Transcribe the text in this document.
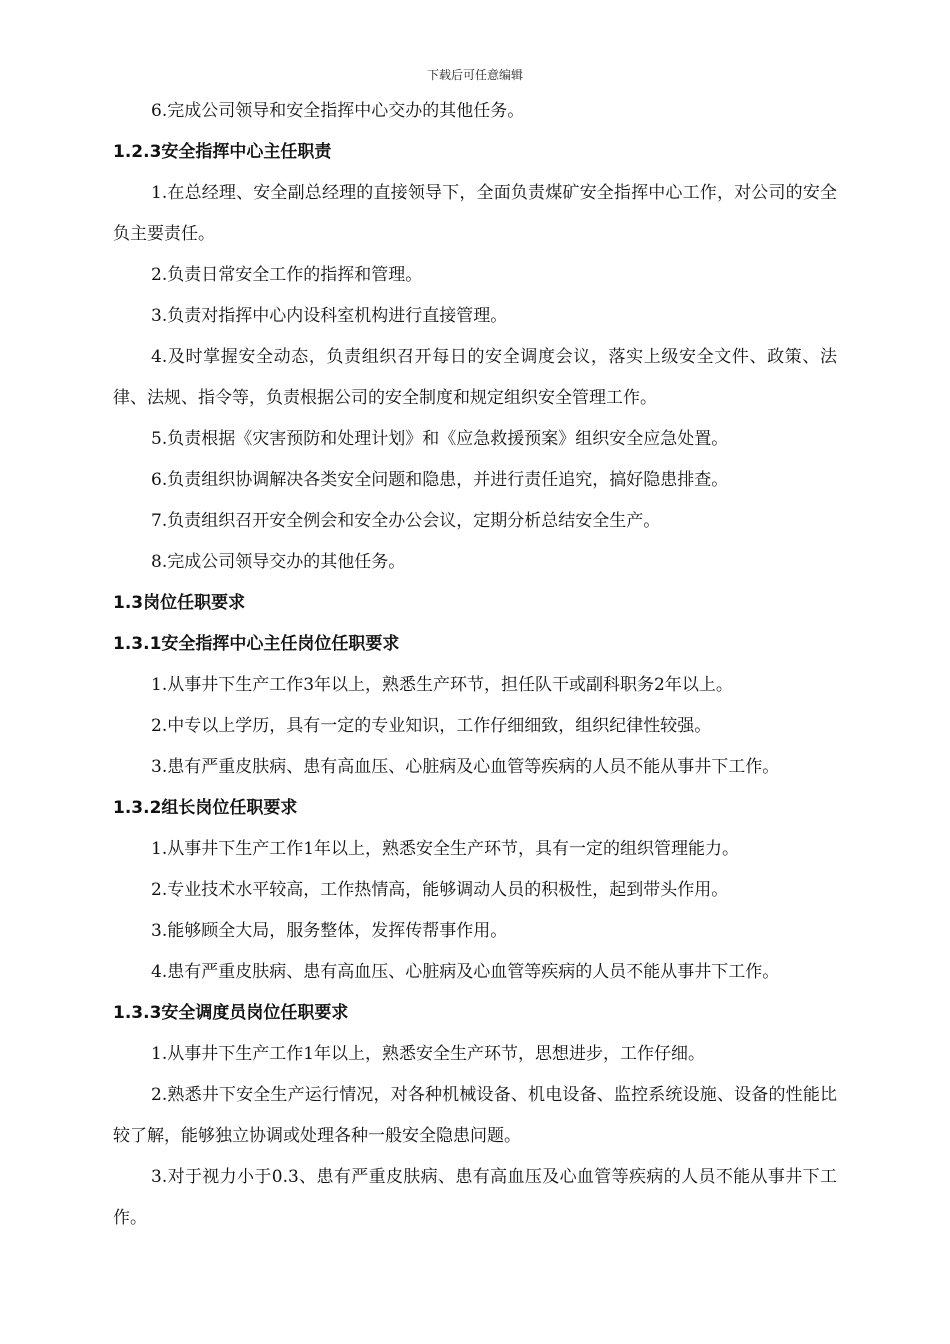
下载后可任意编辑

6.完成公司领导和安全指挥中心交办的其他任务。

1.2.3安全指挥中心主任职责

1.在总经理、安全副总经理的直接领导下，全面负责煤矿安全指挥中心工作，对公司的安全负主要责任。

2.负责日常安全工作的指挥和管理。

3.负责对指挥中心内设科室机构进行直接管理。

4.及时掌握安全动态，负责组织召开每日的安全调度会议，落实上级安全文件、政策、法律、法规、指令等，负责根据公司的安全制度和规定组织安全管理工作。

5.负责根据《灾害预防和处理计划》和《应急救援预案》组织安全应急处置。

6.负责组织协调解决各类安全问题和隐患，并进行责任追究，搞好隐患排查。

7.负责组织召开安全例会和安全办公会议，定期分析总结安全生产。

8.完成公司领导交办的其他任务。

1.3岗位任职要求

1.3.1安全指挥中心主任岗位任职要求

1.从事井下生产工作3年以上，熟悉生产环节，担任队干或副科职务2年以上。

2.中专以上学历，具有一定的专业知识，工作仔细细致，组织纪律性较强。

3.患有严重皮肤病、患有高血压、心脏病及心血管等疾病的人员不能从事井下工作。

1.3.2组长岗位任职要求

1.从事井下生产工作1年以上，熟悉安全生产环节，具有一定的组织管理能力。

2.专业技术水平较高，工作热情高，能够调动人员的积极性，起到带头作用。

3.能够顾全大局，服务整体，发挥传帮事作用。

4.患有严重皮肤病、患有高血压、心脏病及心血管等疾病的人员不能从事井下工作。

1.3.3安全调度员岗位任职要求

1.从事井下生产工作1年以上，熟悉安全生产环节，思想进步，工作仔细。

2.熟悉井下安全生产运行情况，对各种机械设备、机电设备、监控系统设施、设备的性能比较了解，能够独立协调或处理各种一般安全隐患问题。

3.对于视力小于0.3、患有严重皮肤病、患有高血压及心血管等疾病的人员不能从事井下工作。
